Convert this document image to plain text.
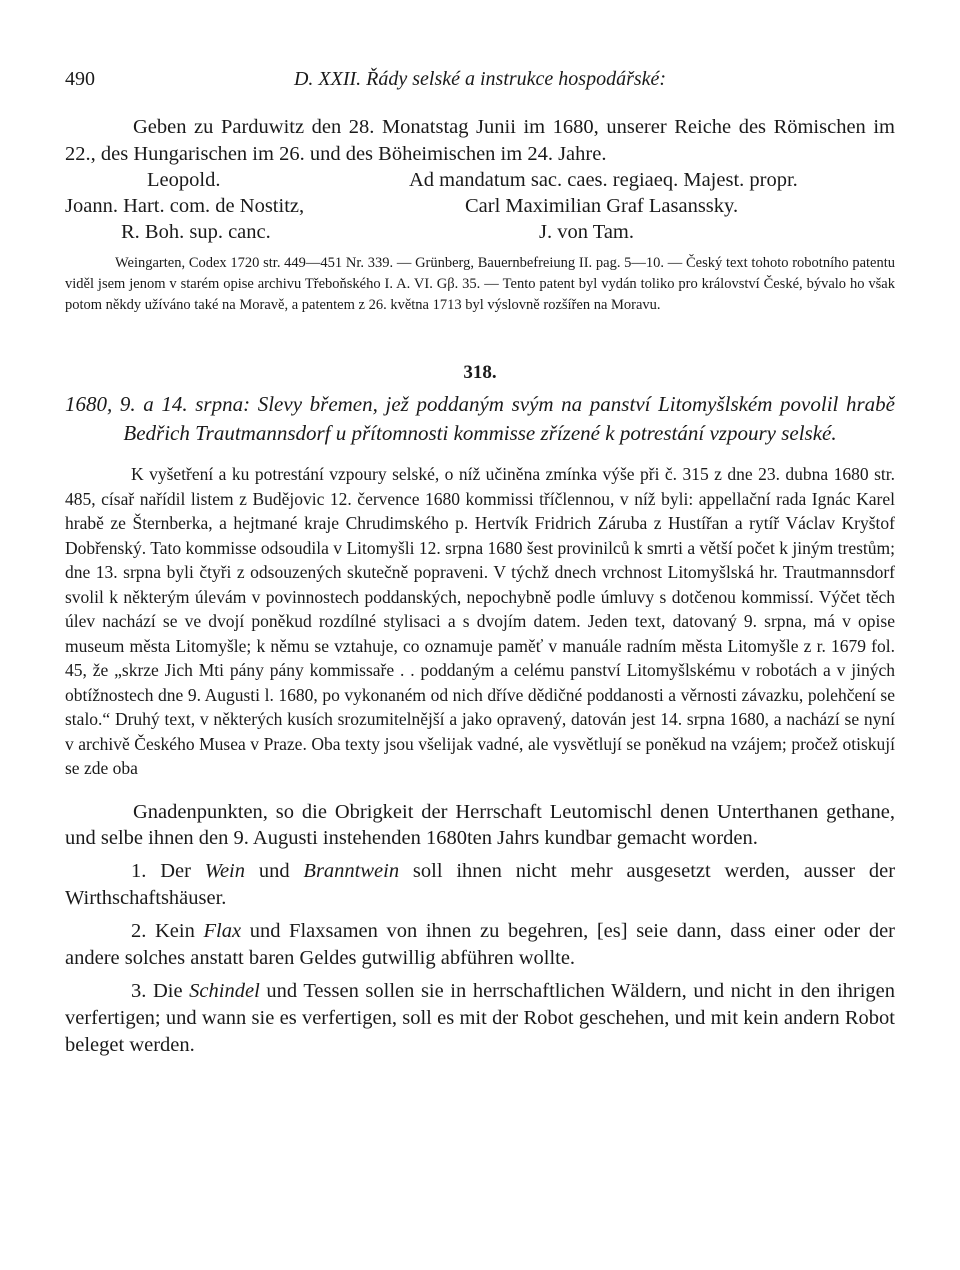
490	D. XXII. Řády selské a instrukce hospodářské:

Geben zu Parduwitz den 28. Monatstag Junii im 1680, unserer Reiche des Römischen im 22., des Hungarischen im 26. und des Böheimischen im 24. Jahre.

Leopold.	Ad mandatum sac. caes. regiaeq. Majest. propr.
Joann. Hart. com. de Nostitz,	Carl Maximilian Graf Lasanssky.
R. Boh. sup. canc.	J. von Tam.

Weingarten, Codex 1720 str. 449—451 Nr. 339. — Grünberg, Bauernbefreiung II. pag. 5—10. — Český text tohoto robotního patentu viděl jsem jenom v starém opise archivu Třeboňského I. A. VI. Gβ. 35. — Tento patent byl vydán toliko pro království České, bývalo ho však potom někdy užíváno také na Moravě, a patentem z 26. května 1713 byl výslovně rozšířen na Moravu.

318.

1680, 9. a 14. srpna: Slevy břemen, jež poddaným svým na panství Litomyšlském povolil hrabě Bedřich Trautmannsdorf u přítomnosti kommisse zřízené k potrestání vzpoury selské.

K vyšetření a ku potrestání vzpoury selské, o níž učiněna zmínka výše při č. 315 z dne 23. dubna 1680 str. 485, císař nařídil listem z Budějovic 12. července 1680 kommissi tříčlennou, v níž byli: appellační rada Ignác Karel hrabě ze Šternberka, a hejtmané kraje Chrudimského p. Hertvík Fridrich Záruba z Hustířan a rytíř Václav Kryštof Dobřenský. Tato kommisse odsoudila v Litomyšli 12. srpna 1680 šest provinilců k smrti a větší počet k jiným trestům; dne 13. srpna byli čtyři z odsouzených skutečně popraveni. V týchž dnech vrchnost Litomyšlská hr. Trautmannsdorf svolil k některým úlevám v povinnostech poddanských, nepochybně podle úmluvy s dotčenou kommissí. Výčet těch úlev nachází se ve dvojí poněkud rozdílné stylisaci a s dvojím datem. Jeden text, datovaný 9. srpna, má v opise museum města Litomyšle; k němu se vztahuje, co oznamuje paměť v manuále radním města Litomyšle z r. 1679 fol. 45, že „skrze Jich Mti pány pány kommissaře . . poddaným a celému panství Litomyšlskému v robotách a v jiných obtížnostech dne 9. Augusti l. 1680, po vykonaném od nich dříve dědičné poddanosti a věrnosti závazku, polehčení se stalo.“ Druhý text, v některých kusích srozumitelnější a jako opravený, datován jest 14. srpna 1680, a nachází se nyní v archivě Českého Musea v Praze. Oba texty jsou všelijak vadné, ale vysvětlují se poněkud na vzájem; pročež otiskují se zde oba

Gnadenpunkten, so die Obrigkeit der Herrschaft Leutomischl denen Unterthanen gethane, und selbe ihnen den 9. Augusti instehenden 1680ten Jahrs kundbar gemacht worden.

1. Der Wein und Branntwein soll ihnen nicht mehr ausgesetzt werden, ausser der Wirthschaftshäuser.

2. Kein Flax und Flaxsamen von ihnen zu begehren, [es] seie dann, dass einer oder der andere solches anstatt baren Geldes gutwillig abführen wollte.

3. Die Schindel und Tessen sollen sie in herrschaftlichen Wäldern, und nicht in den ihrigen verfertigen; und wann sie es verfertigen, soll es mit der Robot geschehen, und mit kein andern Robot beleget werden.
